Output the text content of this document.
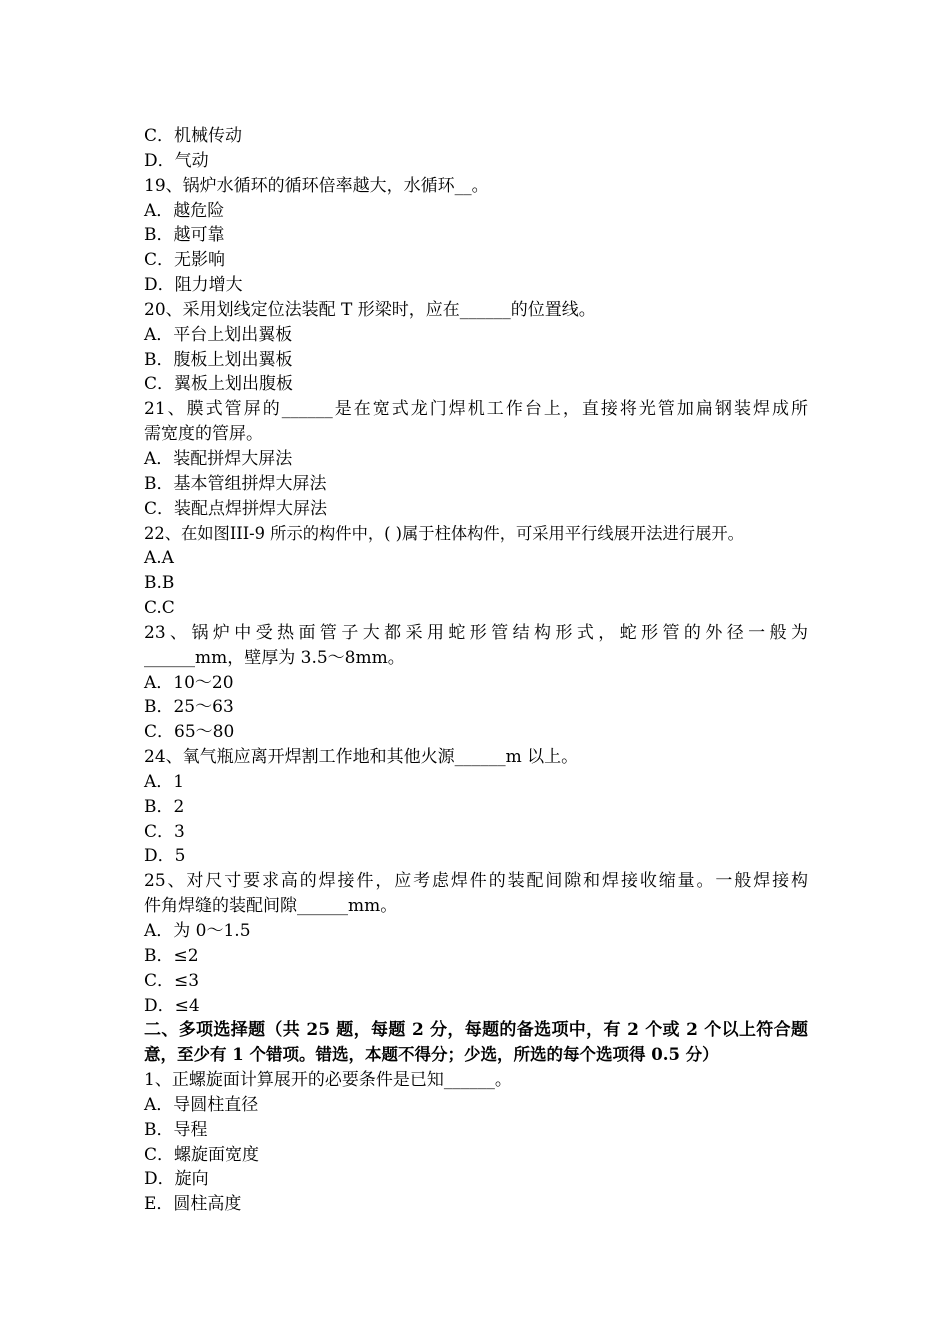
C．机械传动
D．气动
19、锅炉水循环的循环倍率越大，水循环__。
A．越危险
B．越可靠
C．无影响
D．阻力增大
20、采用划线定位法装配 T 形梁时，应在______的位置线。
A．平台上划出翼板
B．腹板上划出翼板
C．翼板上划出腹板
21、膜式管屏的______是在宽式龙门焊机工作台上，直接将光管加扁钢装焊成所
需宽度的管屏。
A．装配拼焊大屏法
B．基本管组拼焊大屏法
C．装配点焊拼焊大屏法
22、在如图III-9 所示的构件中，( )属于柱体构件，可采用平行线展开法进行展开。
A.A
B.B
C.C
23、锅炉中受热面管子大都采用蛇形管结构形式，蛇形管的外径一般为
______mm，壁厚为 3.5～8mm。
A．10～20
B．25～63
C．65～80
24、氧气瓶应离开焊割工作地和其他火源______m 以上。
A．1
B．2
C．3
D．5
25、对尺寸要求高的焊接件，应考虑焊件的装配间隙和焊接收缩量。一般焊接构
件角焊缝的装配间隙______mm。
A．为 0～1.5
B．≤2
C．≤3
D．≤4
二、多项选择题（共 25 题，每题 2 分，每题的备选项中，有 2 个或 2 个以上符合题
意，至少有 1 个错项。错选，本题不得分；少选，所选的每个选项得 0.5 分）
1、正螺旋面计算展开的必要条件是已知______。
A．导圆柱直径
B．导程
C．螺旋面宽度
D．旋向
E．圆柱高度
